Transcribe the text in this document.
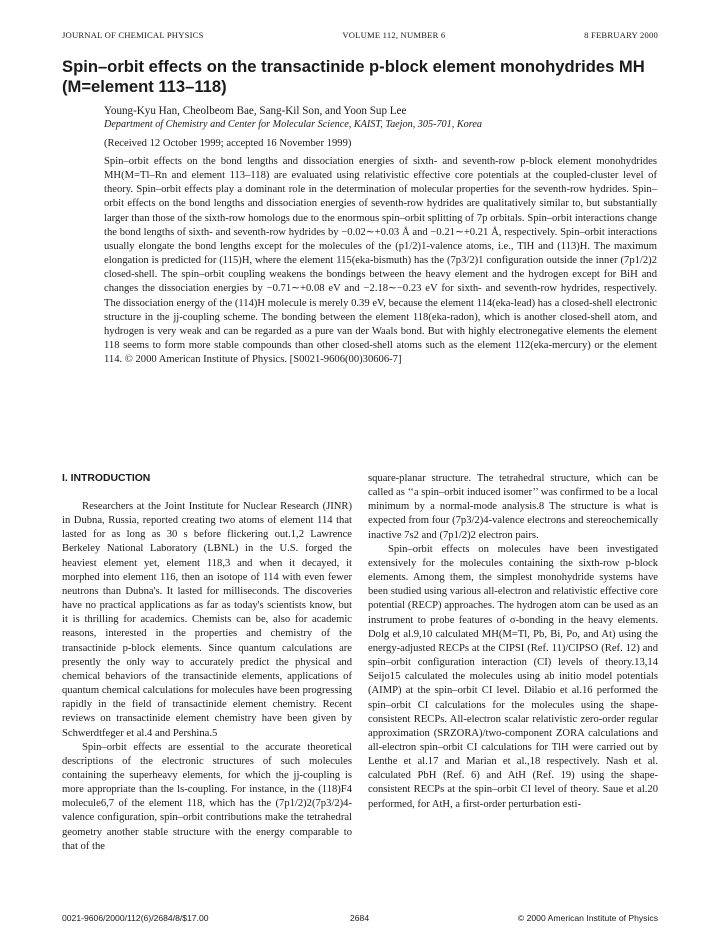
JOURNAL OF CHEMICAL PHYSICS	VOLUME 112, NUMBER 6	8 FEBRUARY 2000
Spin–orbit effects on the transactinide p-block element monohydrides MH (M=element 113–118)
Young-Kyu Han, Cheolbeom Bae, Sang-Kil Son, and Yoon Sup Lee
Department of Chemistry and Center for Molecular Science, KAIST, Taejon, 305-701, Korea
(Received 12 October 1999; accepted 16 November 1999)

Spin–orbit effects on the bond lengths and dissociation energies of sixth- and seventh-row p-block element monohydrides MH(M=Tl–Rn and element 113–118) are evaluated using relativistic effective core potentials at the coupled-cluster level of theory. Spin–orbit effects play a dominant role in the determination of molecular properties for the seventh-row hydrides. Spin–orbit effects on the bond lengths and dissociation energies of seventh-row hydrides are qualitatively similar to, but substantially larger than those of the sixth-row homologs due to the enormous spin–orbit splitting of 7p orbitals. Spin–orbit interactions change the bond lengths of sixth- and seventh-row hydrides by −0.02∼+0.03 Å and −0.21∼+0.21 Å, respectively. Spin–orbit interactions usually elongate the bond lengths except for the molecules of the (p1/2)1-valence atoms, i.e., TlH and (113)H. The maximum elongation is predicted for (115)H, where the element 115(eka-bismuth) has the (7p3/2)1 configuration outside the inner (7p1/2)2 closed-shell. The spin–orbit coupling weakens the bondings between the heavy element and the hydrogen except for BiH and changes the dissociation energies by −0.71∼+0.08 eV and −2.18∼−0.23 eV for sixth- and seventh-row hydrides, respectively. The dissociation energy of the (114)H molecule is merely 0.39 eV, because the element 114(eka-lead) has a closed-shell electronic structure in the jj-coupling scheme. The bonding between the element 118(eka-radon), which is another closed-shell atom, and hydrogen is very weak and can be regarded as a pure van der Waals bond. But with highly electronegative elements the element 118 seems to form more stable compounds than other closed-shell atoms such as the element 112(eka-mercury) or the element 114. © 2000 American Institute of Physics. [S0021-9606(00)30606-7]

I. INTRODUCTION

Researchers at the Joint Institute for Nuclear Research (JINR) in Dubna, Russia, reported creating two atoms of element 114 that lasted for as long as 30 s before flickering out.1,2 Lawrence Berkeley National Laboratory (LBNL) in the U.S. forged the heaviest element yet, element 118,3 and when it decayed, it morphed into element 116, then an isotope of 114 with even fewer neutrons than Dubna's. It lasted for milliseconds. The discoveries have no practical applications as far as today's scientists know, but it is thrilling for academics. Chemists can be, also for academic reasons, interested in the properties and chemistry of the transactinide p-block elements. Since quantum calculations are presently the only way to accurately predict the physical and chemical behaviors of the transactinide elements, applications of quantum chemical calculations for molecules have been progressing rapidly in the field of transactinide element chemistry. Recent reviews on transactinide element chemistry have been given by Schwerdtfeger et al.4 and Pershina.5

Spin–orbit effects are essential to the accurate theoretical descriptions of the electronic structures of such molecules containing the superheavy elements, for which the jj-coupling is more appropriate than the ls-coupling. For instance, in the (118)F4 molecule6,7 of the element 118, which has the (7p1/2)2(7p3/2)4-valence configuration, spin–orbit contributions make the tetrahedral geometry another stable structure with the energy comparable to that of the

square-planar structure. The tetrahedral structure, which can be called as ‘‘a spin–orbit induced isomer’’ was confirmed to be a local minimum by a normal-mode analysis.8 The structure is what is expected from four (7p3/2)4-valence electrons and stereochemically inactive 7s2 and (7p1/2)2 electron pairs.

Spin–orbit effects on molecules have been investigated extensively for the molecules containing the sixth-row p-block elements. Among them, the simplest monohydride systems have been studied using various all-electron and relativistic effective core potential (RECP) approaches. The hydrogen atom can be used as an instrument to probe features of σ-bonding in the heavy elements. Dolg et al.9,10 calculated MH(M=Tl, Pb, Bi, Po, and At) using the energy-adjusted RECPs at the CIPSI (Ref. 11)/CIPSO (Ref. 12) and spin–orbit configuration interaction (CI) levels of theory.13,14 Seijo15 calculated the molecules using ab initio model potentials (AIMP) at the spin–orbit CI level. Dilabio et al.16 performed the spin–orbit CI calculations for the molecules using the shape-consistent RECPs. All-electron scalar relativistic zero-order regular approximation (SRZORA)/two-component ZORA calculations and all-electron spin–orbit CI calculations for TlH were carried out by Lenthe et al.17 and Marian et al.,18 respectively. Nash et al. calculated PbH (Ref. 6) and AtH (Ref. 19) using the shape-consistent RECPs at the spin–orbit CI level of theory. Saue et al.20 performed, for AtH, a first-order perturbation esti-

0021-9606/2000/112(6)/2684/8/$17.00	2684	© 2000 American Institute of Physics
